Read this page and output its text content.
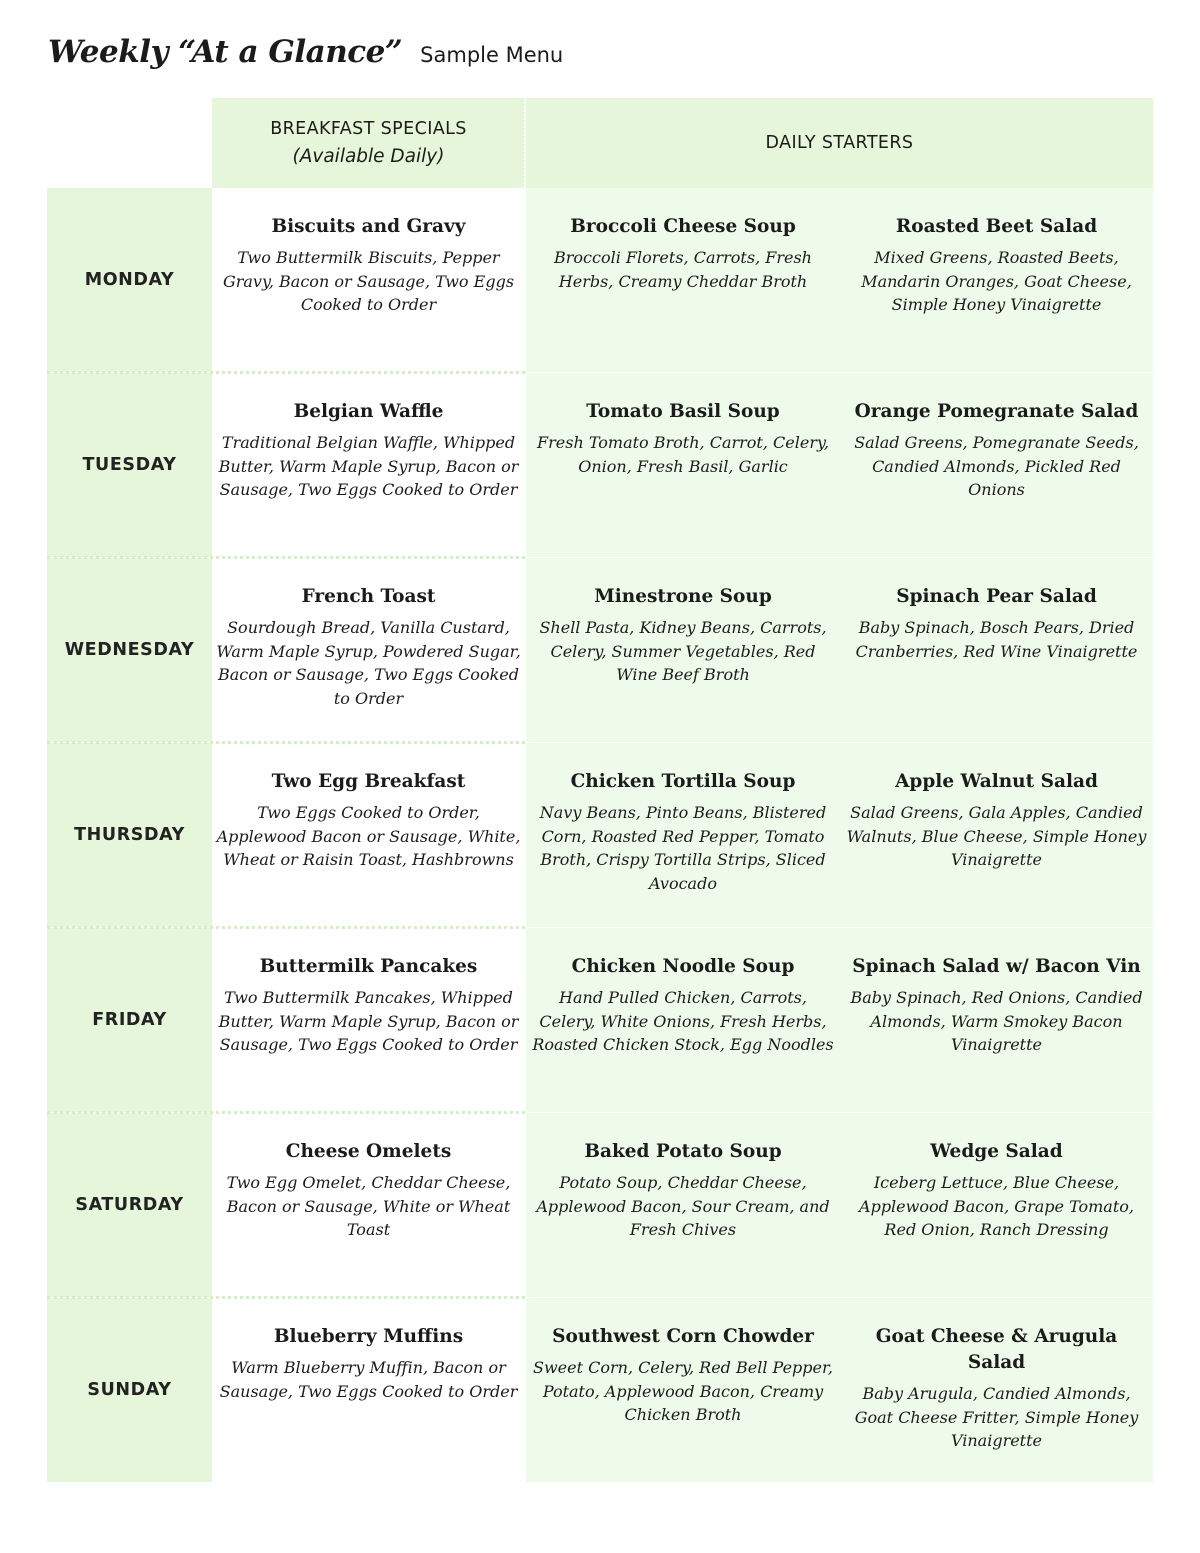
Weekly “At a Glance” Sample Menu
BREAKFAST SPECIALS
(Available Daily)
DAILY STARTERS
MONDAY
Biscuits and Gravy
Two Buttermilk Biscuits, Pepper Gravy, Bacon or Sausage, Two Eggs Cooked to Order
Broccoli Cheese Soup
Broccoli Florets, Carrots, Fresh Herbs, Creamy Cheddar Broth
Roasted Beet Salad
Mixed Greens, Roasted Beets, Mandarin Oranges, Goat Cheese, Simple Honey Vinaigrette
TUESDAY
Belgian Waffle
Traditional Belgian Waffle, Whipped Butter, Warm Maple Syrup, Bacon or Sausage, Two Eggs Cooked to Order
Tomato Basil Soup
Fresh Tomato Broth, Carrot, Celery, Onion, Fresh Basil, Garlic
Orange Pomegranate Salad
Salad Greens, Pomegranate Seeds, Candied Almonds, Pickled Red Onions
WEDNESDAY
French Toast
Sourdough Bread, Vanilla Custard, Warm Maple Syrup, Powdered Sugar, Bacon or Sausage, Two Eggs Cooked to Order
Minestrone Soup
Shell Pasta, Kidney Beans, Carrots, Celery, Summer Vegetables, Red Wine Beef Broth
Spinach Pear Salad
Baby Spinach, Bosch Pears, Dried Cranberries, Red Wine Vinaigrette
THURSDAY
Two Egg Breakfast
Two Eggs Cooked to Order, Applewood Bacon or Sausage, White, Wheat or Raisin Toast, Hashbrowns
Chicken Tortilla Soup
Navy Beans, Pinto Beans, Blistered Corn, Roasted Red Pepper, Tomato Broth, Crispy Tortilla Strips, Sliced Avocado
Apple Walnut Salad
Salad Greens, Gala Apples, Candied Walnuts, Blue Cheese, Simple Honey Vinaigrette
FRIDAY
Buttermilk Pancakes
Two Buttermilk Pancakes, Whipped Butter, Warm Maple Syrup, Bacon or Sausage, Two Eggs Cooked to Order
Chicken Noodle Soup
Hand Pulled Chicken, Carrots, Celery, White Onions, Fresh Herbs, Roasted Chicken Stock, Egg Noodles
Spinach Salad w/ Bacon Vin
Baby Spinach, Red Onions, Candied Almonds, Warm Smokey Bacon Vinaigrette
SATURDAY
Cheese Omelets
Two Egg Omelet, Cheddar Cheese, Bacon or Sausage, White or Wheat Toast
Baked Potato Soup
Potato Soup, Cheddar Cheese, Applewood Bacon, Sour Cream, and Fresh Chives
Wedge Salad
Iceberg Lettuce, Blue Cheese, Applewood Bacon, Grape Tomato, Red Onion, Ranch Dressing
SUNDAY
Blueberry Muffins
Warm Blueberry Muffin, Bacon or Sausage, Two Eggs Cooked to Order
Southwest Corn Chowder
Sweet Corn, Celery, Red Bell Pepper, Potato, Applewood Bacon, Creamy Chicken Broth
Goat Cheese & Arugula Salad
Baby Arugula, Candied Almonds, Goat Cheese Fritter, Simple Honey Vinaigrette
